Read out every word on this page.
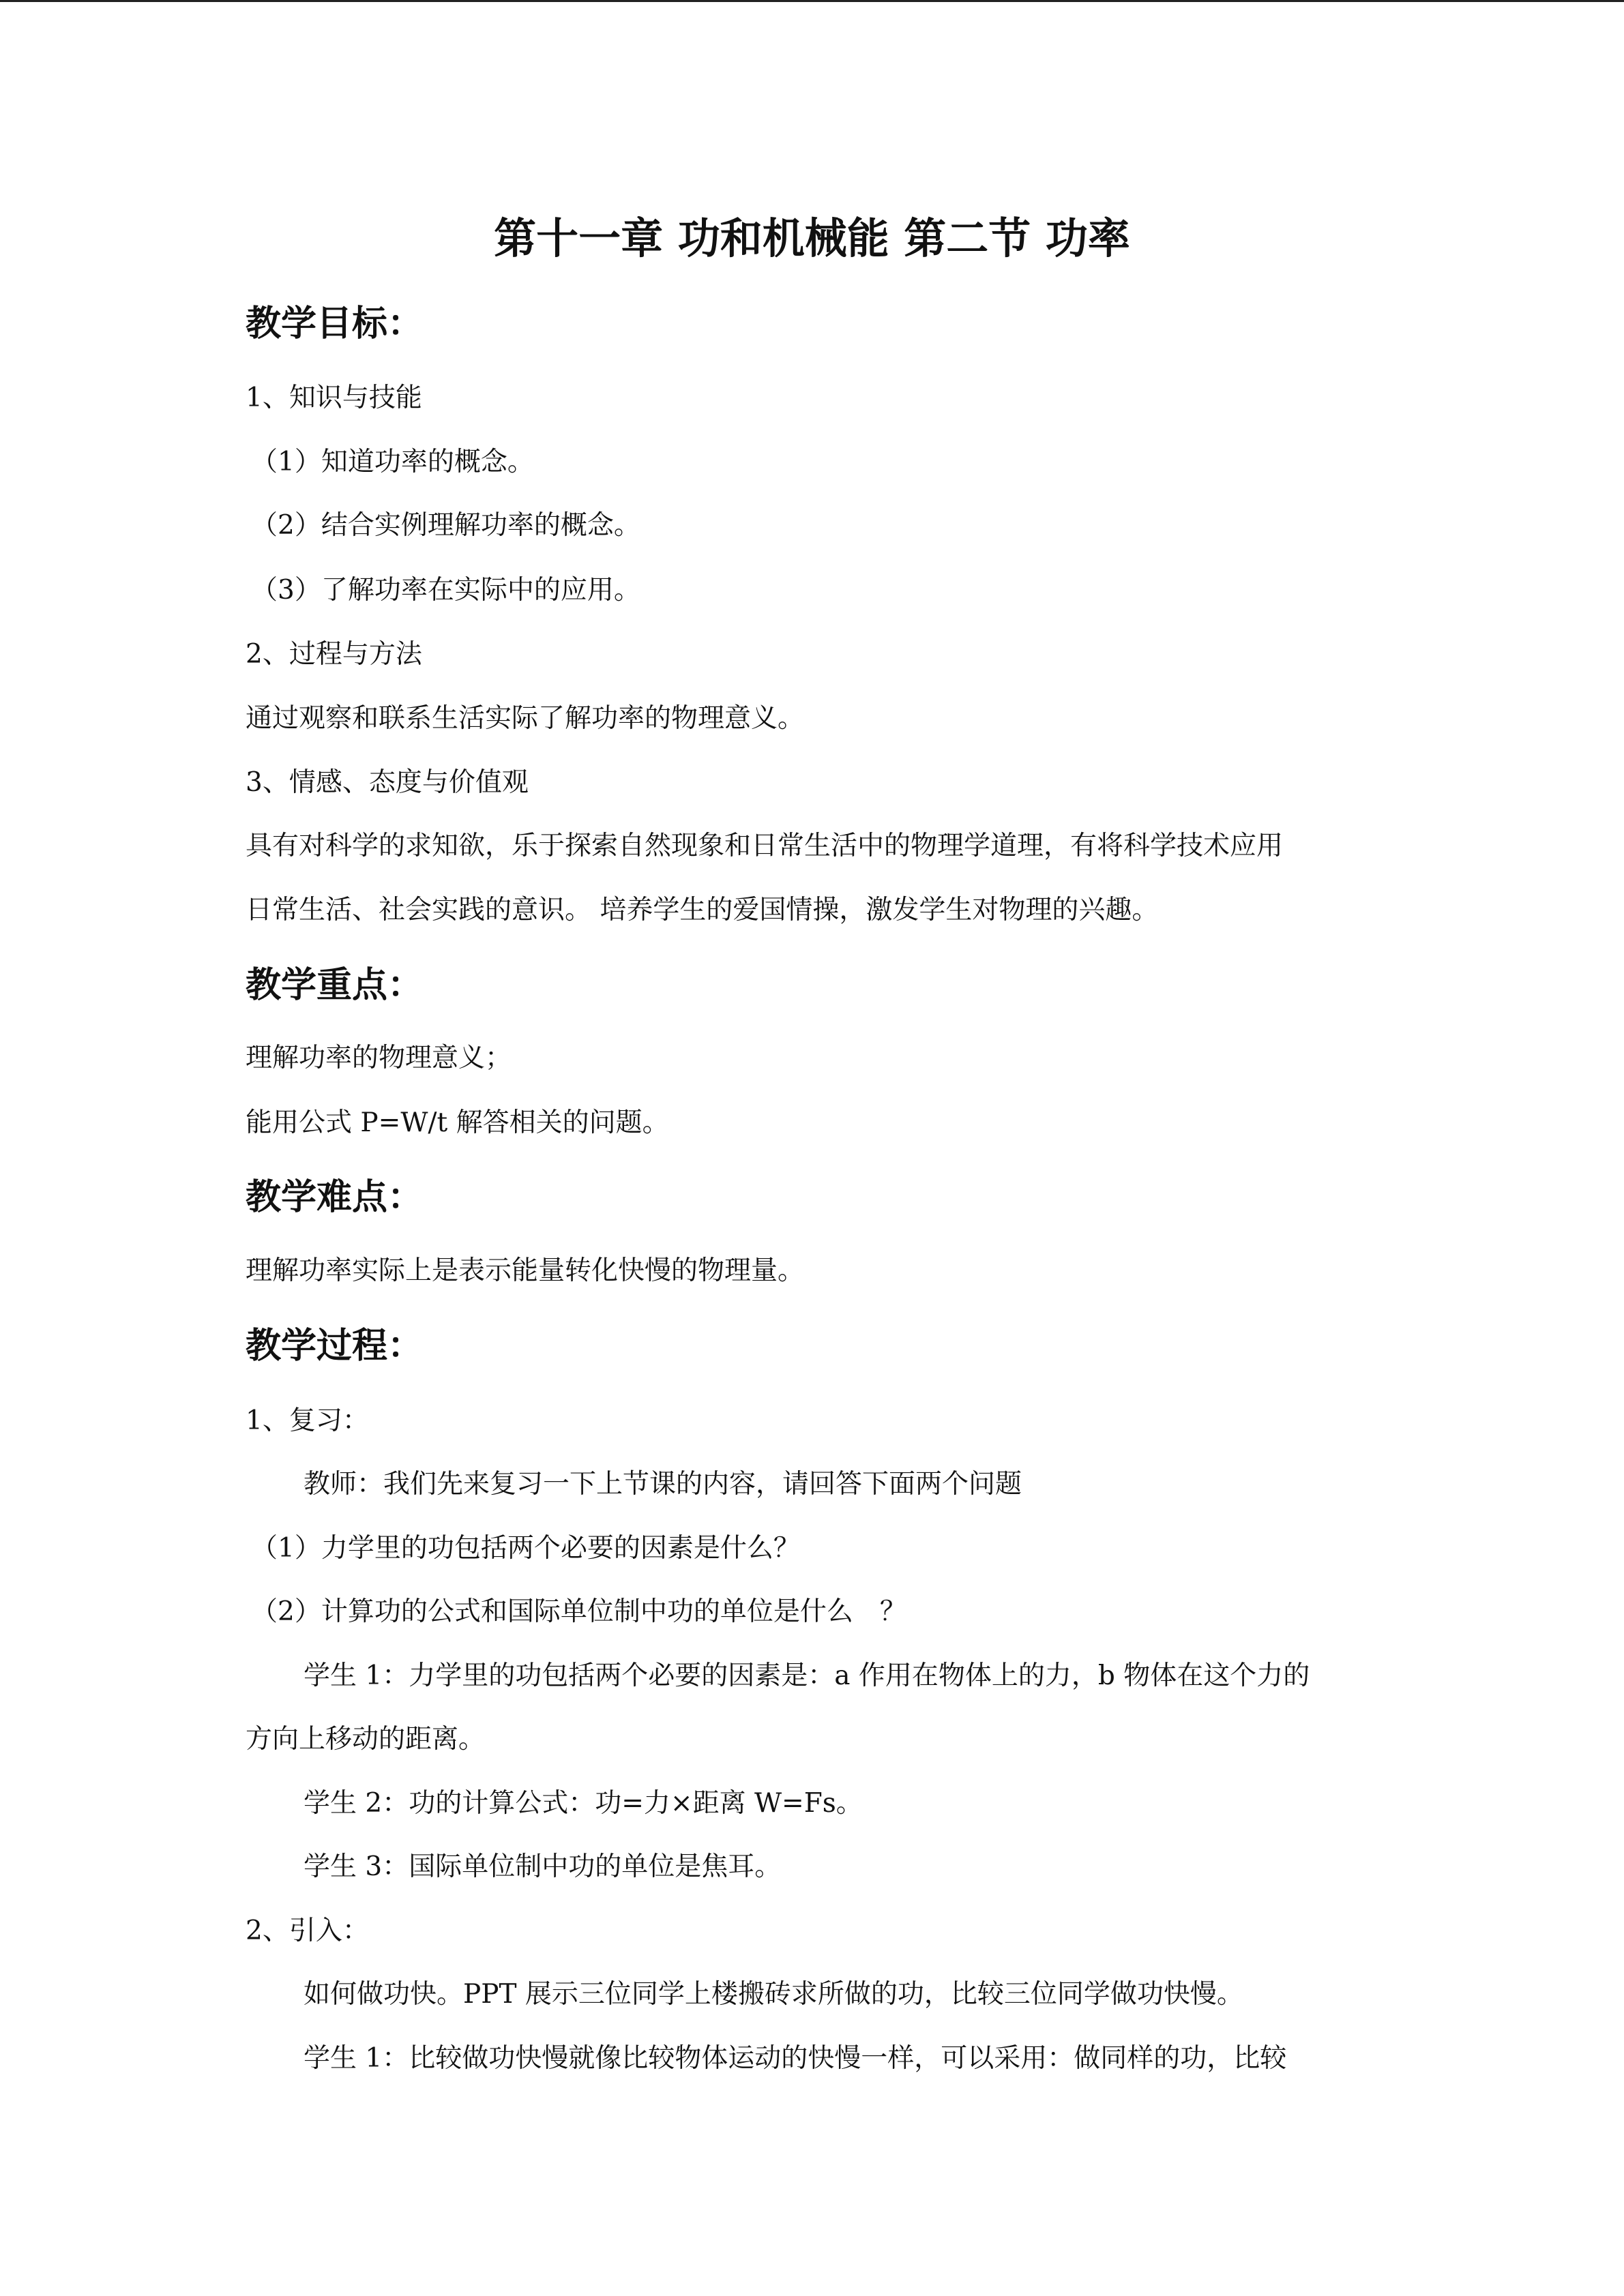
第十一章 功和机械能 第二节 功率
教学目标：
1、知识与技能
（1）知道功率的概念。
（2）结合实例理解功率的概念。
（3）了解功率在实际中的应用。
2、过程与方法
通过观察和联系生活实际了解功率的物理意义。
3、情感、态度与价值观
具有对科学的求知欲，乐于探索自然现象和日常生活中的物理学道理，有将科学技术应用
日常生活、社会实践的意识。 培养学生的爱国情操，激发学生对物理的兴趣。
教学重点：
理解功率的物理意义；
能用公式 P=W/t 解答相关的问题。
教学难点：
理解功率实际上是表示能量转化快慢的物理量。
教学过程：
1、复习：
教师：我们先来复习一下上节课的内容，请回答下面两个问题
（1）力学里的功包括两个必要的因素是什么？
（2）计算功的公式和国际单位制中功的单位是什么　？
学生 1：力学里的功包括两个必要的因素是：a 作用在物体上的力，b 物体在这个力的
方向上移动的距离。
学生 2：功的计算公式：功=力×距离 W=Fs。
学生 3：国际单位制中功的单位是焦耳。
2、引入：
如何做功快。PPT 展示三位同学上楼搬砖求所做的功，比较三位同学做功快慢。
学生 1：比较做功快慢就像比较物体运动的快慢一样，可以采用：做同样的功，比较
